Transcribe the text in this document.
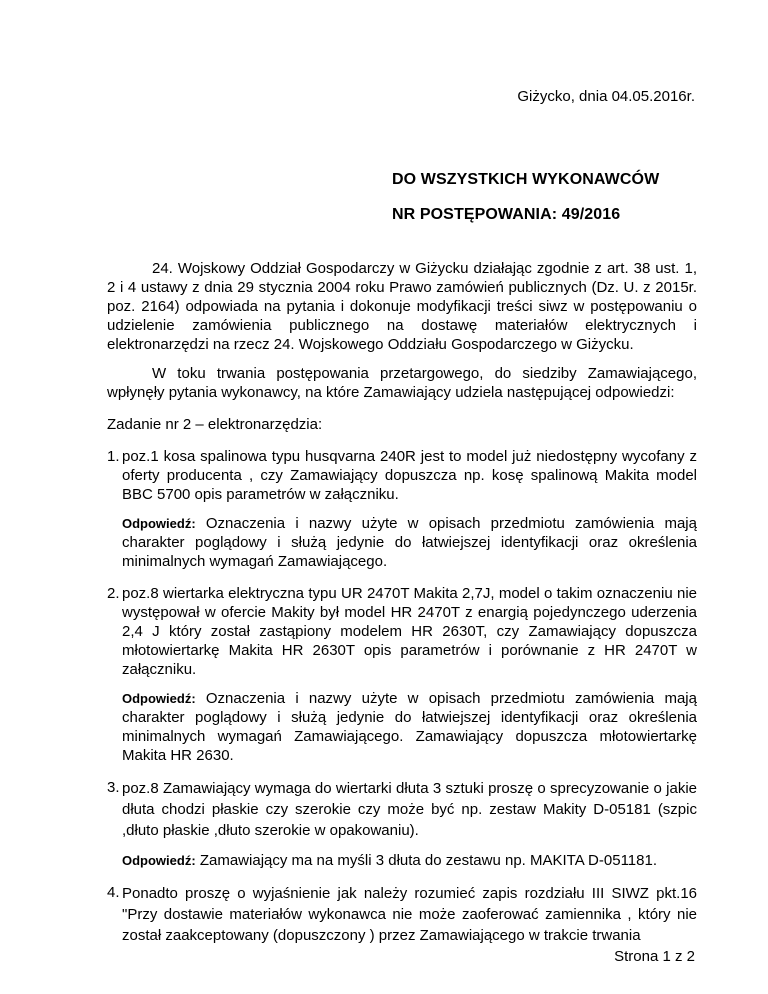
Giżycko, dnia 04.05.2016r.
DO WSZYSTKICH WYKONAWCÓW
NR POSTĘPOWANIA: 49/2016

24. Wojskowy Oddział Gospodarczy w Giżycku działając zgodnie z art. 38 ust. 1, 2 i 4 ustawy z dnia 29 stycznia 2004 roku Prawo zamówień publicznych (Dz. U. z 2015r. poz. 2164) odpowiada na pytania i dokonuje modyfikacji treści siwz w postępowaniu o udzielenie zamówienia publicznego na dostawę materiałów elektrycznych i elektronarzędzi na rzecz 24. Wojskowego Oddziału Gospodarczego w Giżycku.

W toku trwania postępowania przetargowego, do siedziby Zamawiającego, wpłynęły pytania wykonawcy, na które Zamawiający udziela następującej odpowiedzi:

Zadanie nr 2 – elektronarzędzia:

1. poz.1 kosa spalinowa typu husqvarna 240R jest to model już niedostępny wycofany z oferty producenta , czy Zamawiający dopuszcza np. kosę spalinową Makita model BBC 5700 opis parametrów w załączniku.
Odpowiedź: Oznaczenia i nazwy użyte w opisach przedmiotu zamówienia mają charakter poglądowy i służą jedynie do łatwiejszej identyfikacji oraz określenia minimalnych wymagań Zamawiającego.
2. poz.8 wiertarka elektryczna typu UR 2470T Makita 2,7J, model o takim oznaczeniu nie występował w ofercie Makity był model HR 2470T z enargią pojedynczego uderzenia 2,4 J który został zastąpiony modelem HR 2630T, czy Zamawiający dopuszcza młotowiertarkę Makita HR 2630T opis parametrów i porównanie z HR 2470T w załączniku.
Odpowiedź: Oznaczenia i nazwy użyte w opisach przedmiotu zamówienia mają charakter poglądowy i służą jedynie do łatwiejszej identyfikacji oraz określenia minimalnych wymagań Zamawiającego. Zamawiający dopuszcza młotowiertarkę Makita HR 2630.
3. poz.8 Zamawiający wymaga do wiertarki dłuta 3 sztuki proszę o sprecyzowanie o jakie dłuta chodzi płaskie czy szerokie czy może być np. zestaw Makity D-05181 (szpic ,dłuto płaskie ,dłuto szerokie w opakowaniu).
Odpowiedź: Zamawiający ma na myśli 3 dłuta do zestawu np. MAKITA D-051181.
4. Ponadto proszę o wyjaśnienie jak należy rozumieć zapis rozdziału III SIWZ pkt.16 "Przy dostawie materiałów wykonawca nie może zaoferować zamiennika , który nie został zaakceptowany (dopuszczony ) przez Zamawiającego w trakcie trwania
Strona 1 z 2
